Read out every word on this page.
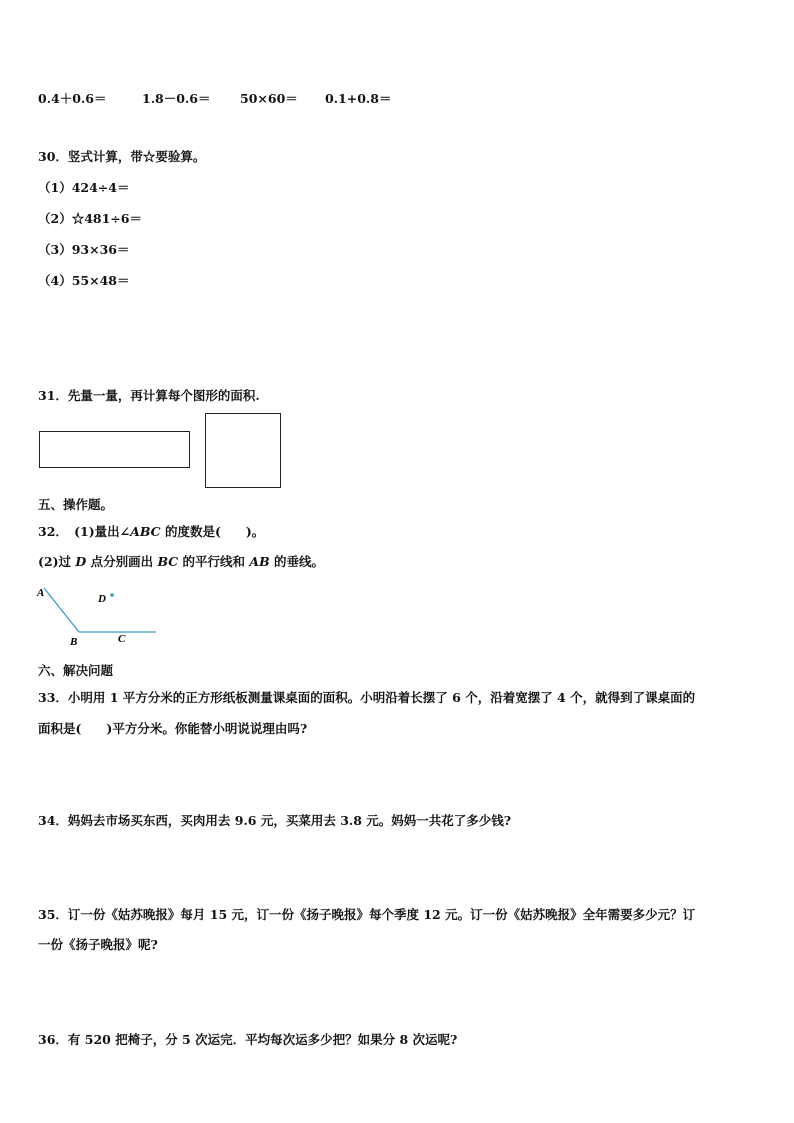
0.4＋0.6＝	1.8－0.6＝ 50×60＝ 0.1+0.8＝
30．竖式计算，带☆要验算。
（1）424÷4＝
（2）☆481÷6＝
（3）93×36＝
（4）55×48＝
31．先量一量，再计算每个图形的面积.
五、操作题。
32．　(1)量出∠ABC 的度数是(　　)。
(2)过 D 点分别画出 BC 的平行线和 AB 的垂线。
A
B	C
D
六、解决问题
33．小明用 1 平方分米的正方形纸板测量课桌面的面积。小明沿着长摆了 6 个，沿着宽摆了 4 个，就得到了课桌面的
面积是(　　)平方分米。你能替小明说说理由吗?
34．妈妈去市场买东西，买肉用去 9.6 元，买菜用去 3.8 元。妈妈一共花了多少钱?
35．订一份《姑苏晚报》每月 15 元，订一份《扬子晚报》每个季度 12 元。订一份《姑苏晚报》全年需要多少元？订
一份《扬子晚报》呢?
36．有 520 把椅子，分 5 次运完．平均每次运多少把？如果分 8 次运呢?
